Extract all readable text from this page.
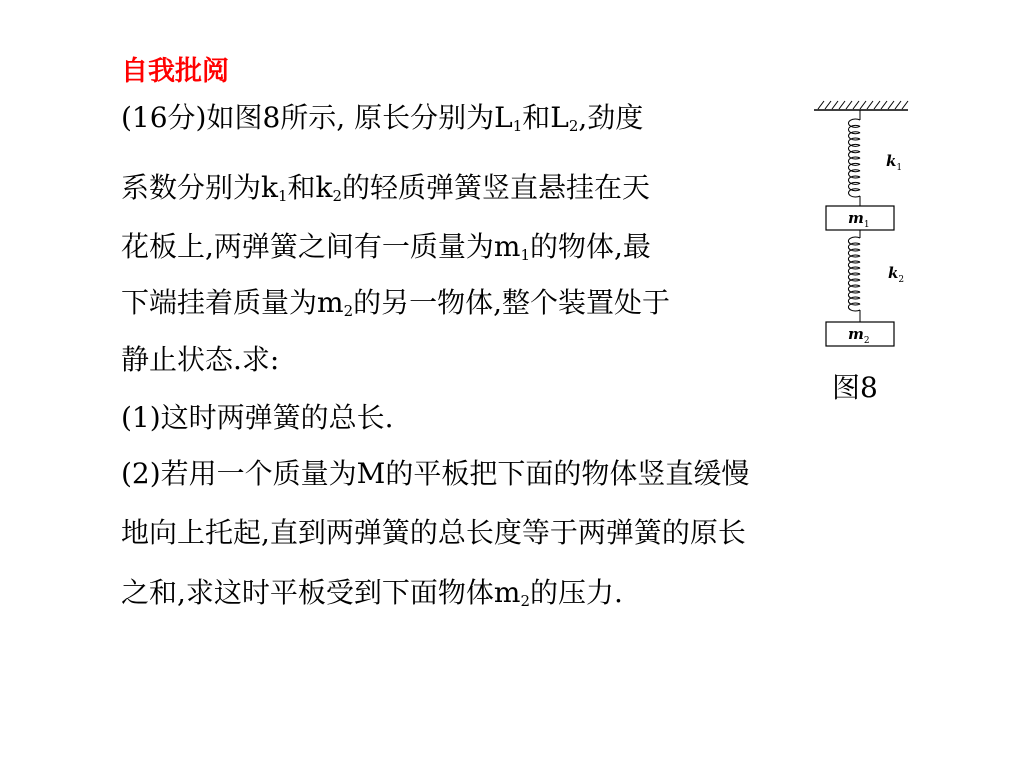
自我批阅
(16分)如图8所示, 原长分别为$L_1$和$L_2$,劲度
系数分别为$k_1$和$k_2$的轻质弹簧竖直悬挂在天
花板上,两弹簧之间有一质量为$m_1$的物体,最
下端挂着质量为$m_2$的另一物体,整个装置处于
静止状态.求:
(1)这时两弹簧的总长.
(2)若用一个质量为M的平板把下面的物体竖直缓慢
地向上托起,直到两弹簧的总长度等于两弹簧的原长
之和,求这时平板受到下面物体$m_2$的压力.
$k_1$
$m_1$
$k_2$
$m_2$
图8
